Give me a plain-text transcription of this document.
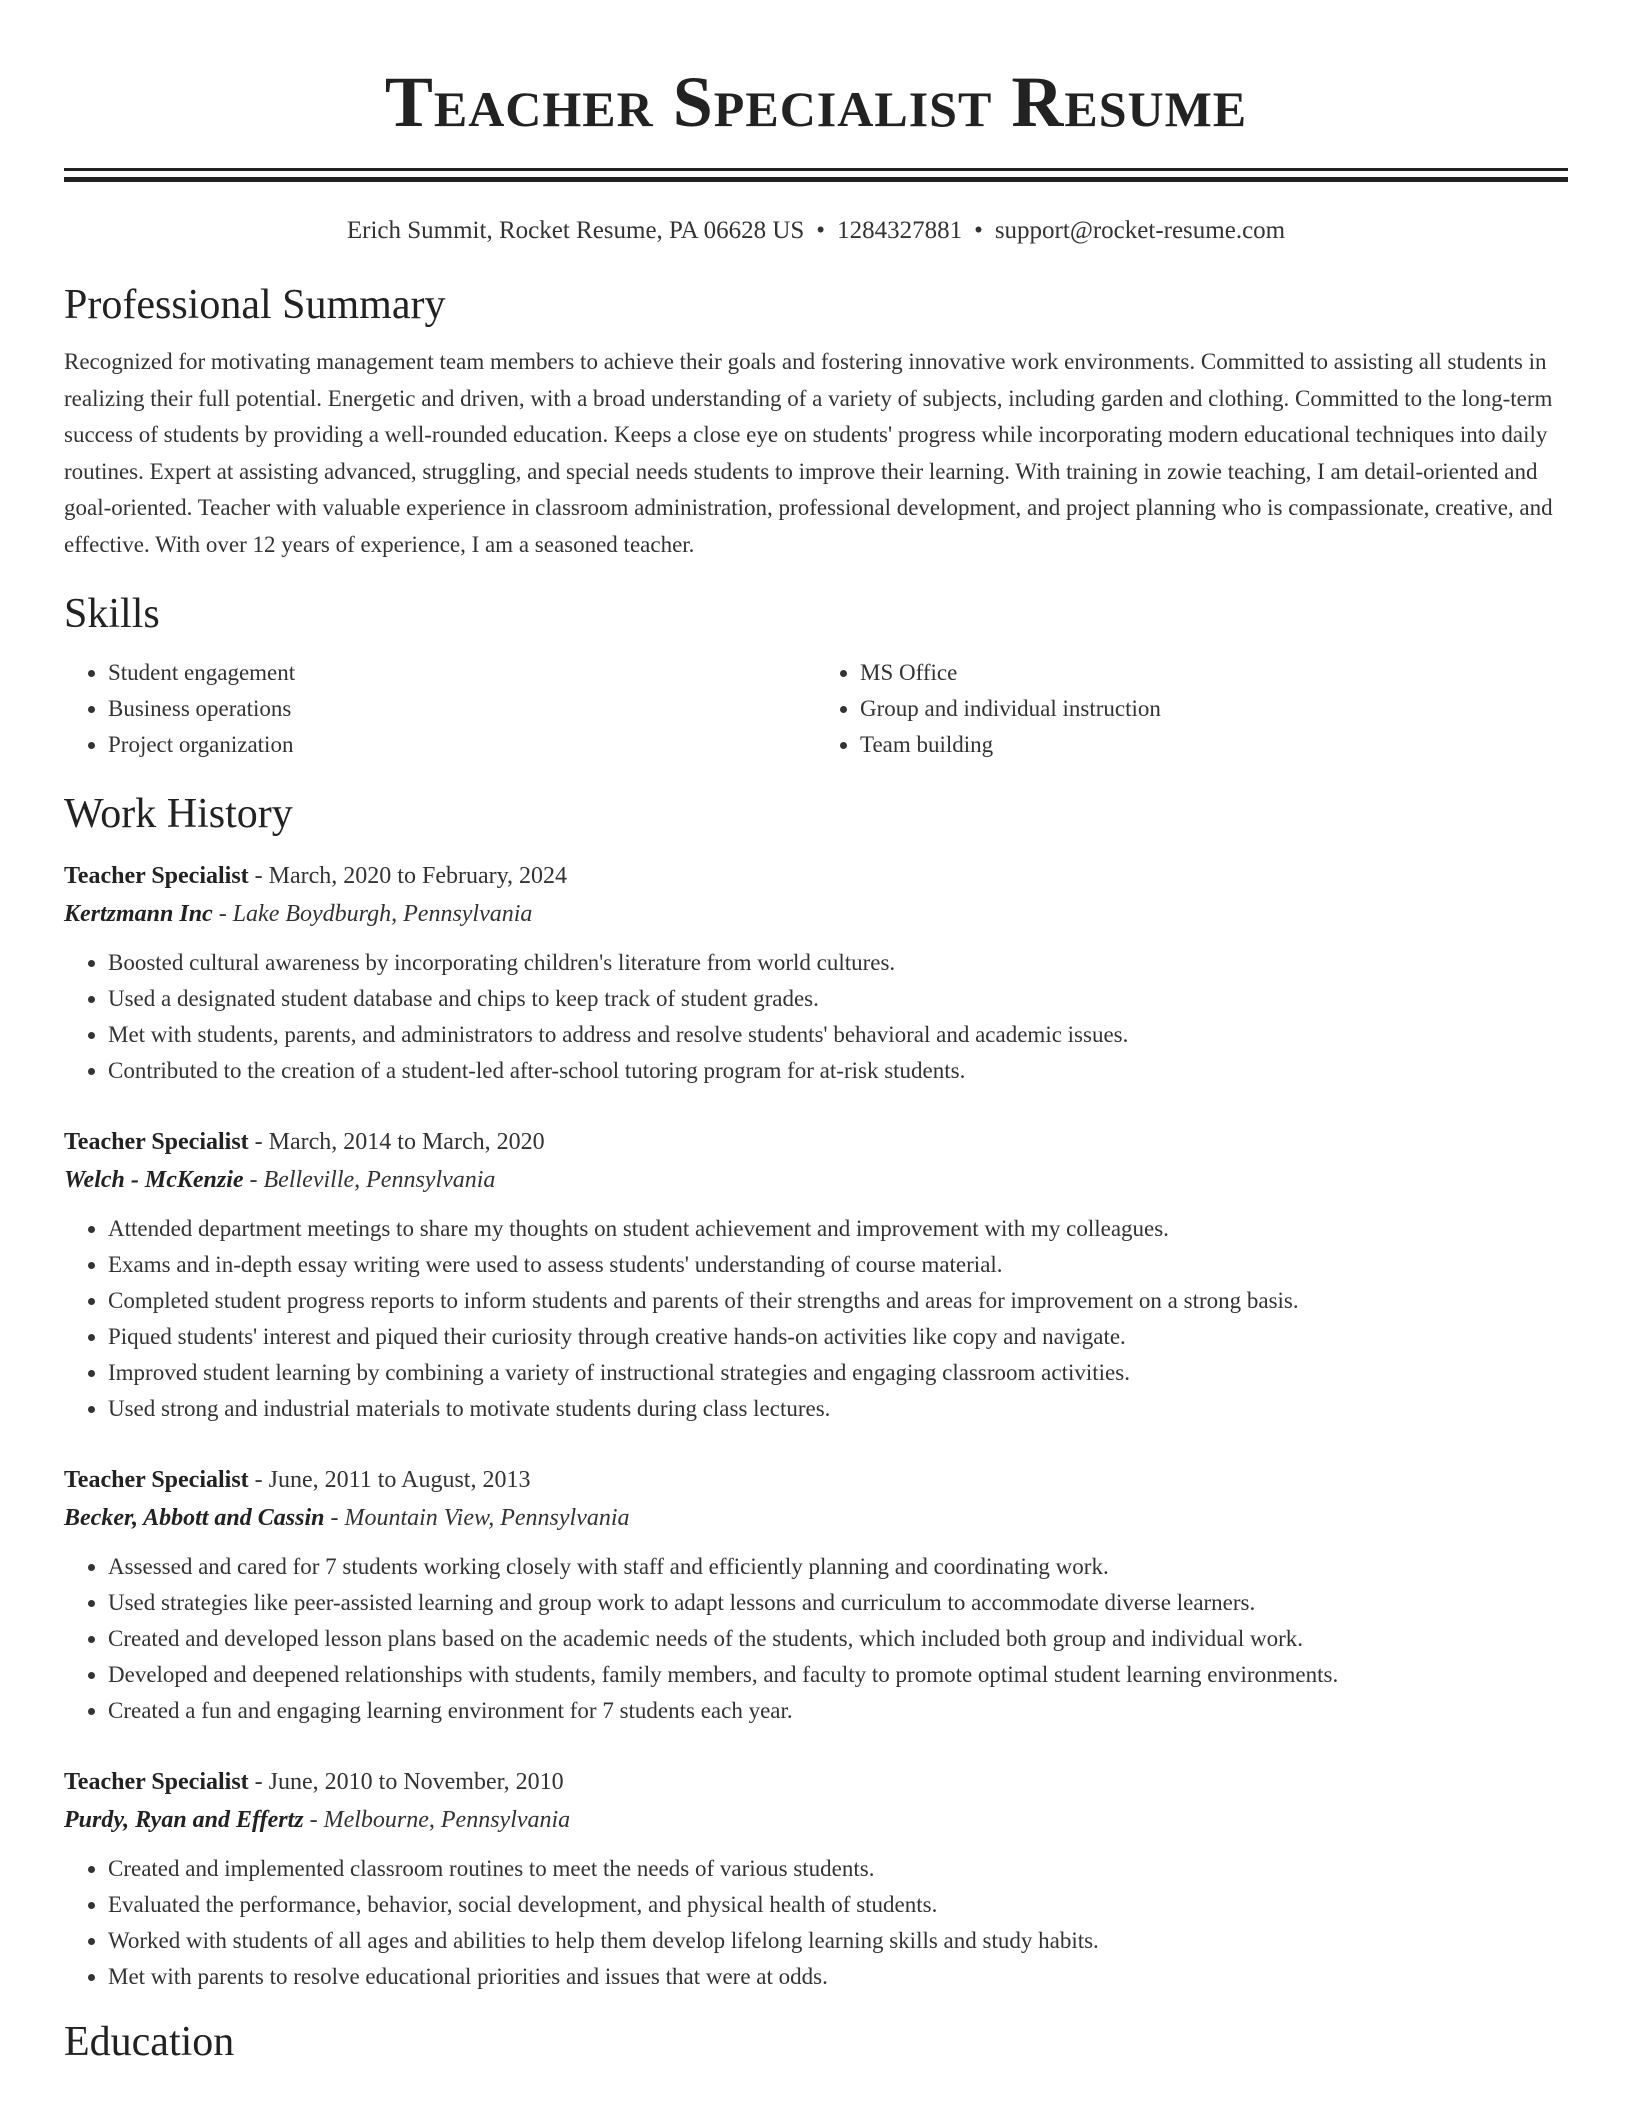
Teacher Specialist Resume
Erich Summit, Rocket Resume, PA 06628 US • 1284327881 • support@rocket-resume.com
Professional Summary
Recognized for motivating management team members to achieve their goals and fostering innovative work environments. Committed to assisting all students in realizing their full potential. Energetic and driven, with a broad understanding of a variety of subjects, including garden and clothing. Committed to the long-term success of students by providing a well-rounded education. Keeps a close eye on students' progress while incorporating modern educational techniques into daily routines. Expert at assisting advanced, struggling, and special needs students to improve their learning. With training in zowie teaching, I am detail-oriented and goal-oriented. Teacher with valuable experience in classroom administration, professional development, and project planning who is compassionate, creative, and effective. With over 12 years of experience, I am a seasoned teacher.
Skills
• Student engagement
• Business operations
• Project organization
• MS Office
• Group and individual instruction
• Team building
Work History
Teacher Specialist - March, 2020 to February, 2024
Kertzmann Inc - Lake Boydburgh, Pennsylvania
• Boosted cultural awareness by incorporating children's literature from world cultures.
• Used a designated student database and chips to keep track of student grades.
• Met with students, parents, and administrators to address and resolve students' behavioral and academic issues.
• Contributed to the creation of a student-led after-school tutoring program for at-risk students.
Teacher Specialist - March, 2014 to March, 2020
Welch - McKenzie - Belleville, Pennsylvania
• Attended department meetings to share my thoughts on student achievement and improvement with my colleagues.
• Exams and in-depth essay writing were used to assess students' understanding of course material.
• Completed student progress reports to inform students and parents of their strengths and areas for improvement on a strong basis.
• Piqued students' interest and piqued their curiosity through creative hands-on activities like copy and navigate.
• Improved student learning by combining a variety of instructional strategies and engaging classroom activities.
• Used strong and industrial materials to motivate students during class lectures.
Teacher Specialist - June, 2011 to August, 2013
Becker, Abbott and Cassin - Mountain View, Pennsylvania
• Assessed and cared for 7 students working closely with staff and efficiently planning and coordinating work.
• Used strategies like peer-assisted learning and group work to adapt lessons and curriculum to accommodate diverse learners.
• Created and developed lesson plans based on the academic needs of the students, which included both group and individual work.
• Developed and deepened relationships with students, family members, and faculty to promote optimal student learning environments.
• Created a fun and engaging learning environment for 7 students each year.
Teacher Specialist - June, 2010 to November, 2010
Purdy, Ryan and Effertz - Melbourne, Pennsylvania
• Created and implemented classroom routines to meet the needs of various students.
• Evaluated the performance, behavior, social development, and physical health of students.
• Worked with students of all ages and abilities to help them develop lifelong learning skills and study habits.
• Met with parents to resolve educational priorities and issues that were at odds.
Education
